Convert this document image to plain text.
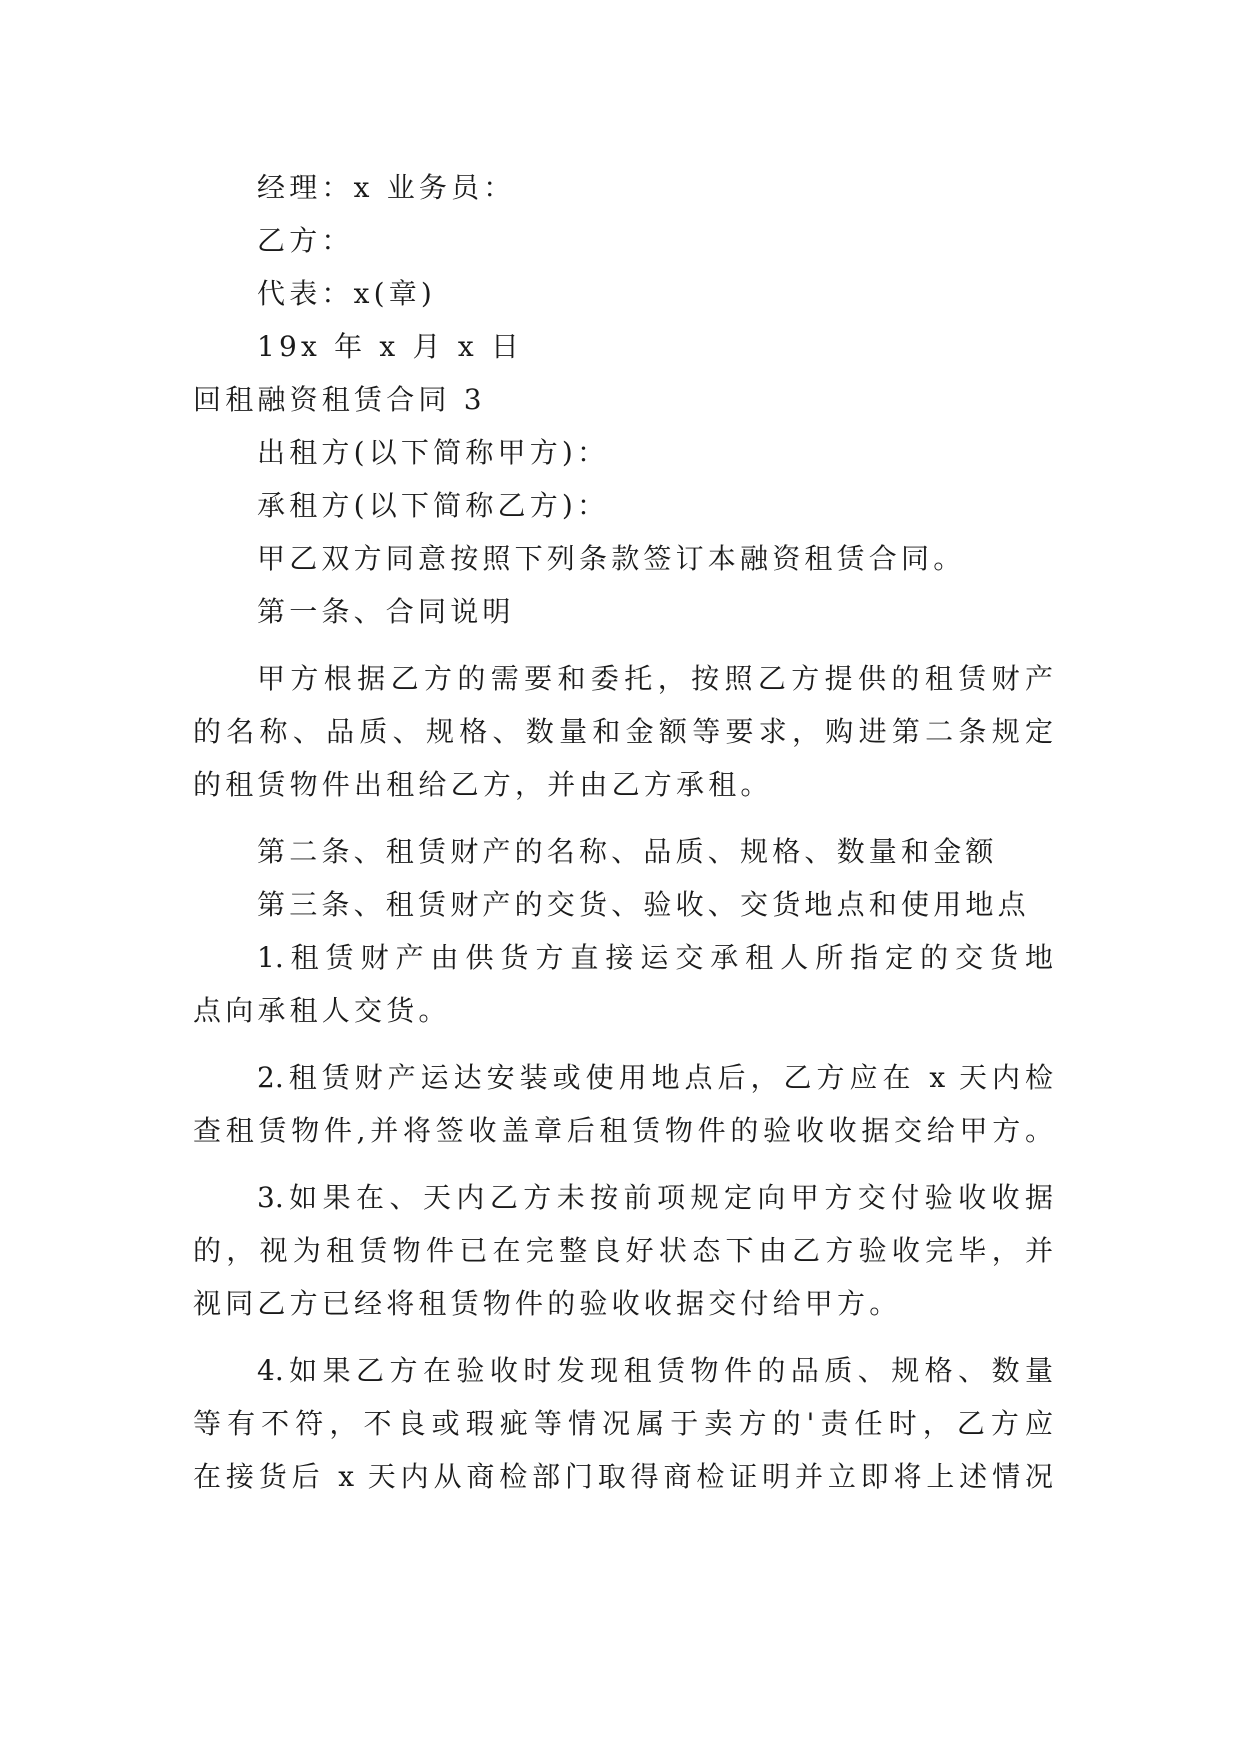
经理：x 业务员：
乙方：
代表：x(章)
19x 年 x 月 x 日
回租融资租赁合同 3
出租方(以下简称甲方)：
承租方(以下简称乙方)：
甲乙双方同意按照下列条款签订本融资租赁合同。
第一条、合同说明
甲方根据乙方的需要和委托，按照乙方提供的租赁财产
的名称、品质、规格、数量和金额等要求，购进第二条规定
的租赁物件出租给乙方，并由乙方承租。
第二条、租赁财产的名称、品质、规格、数量和金额
第三条、租赁财产的交货、验收、交货地点和使用地点
1.租赁财产由供货方直接运交承租人所指定的交货地
点向承租人交货。
2.租赁财产运达安装或使用地点后，乙方应在 x 天内检
查租赁物件,并将签收盖章后租赁物件的验收收据交给甲方。
3.如果在、天内乙方未按前项规定向甲方交付验收收据
的，视为租赁物件已在完整良好状态下由乙方验收完毕，并
视同乙方已经将租赁物件的验收收据交付给甲方。
4.如果乙方在验收时发现租赁物件的品质、规格、数量
等有不符，不良或瑕疵等情况属于卖方的'责任时，乙方应
在接货后 x 天内从商检部门取得商检证明并立即将上述情况
